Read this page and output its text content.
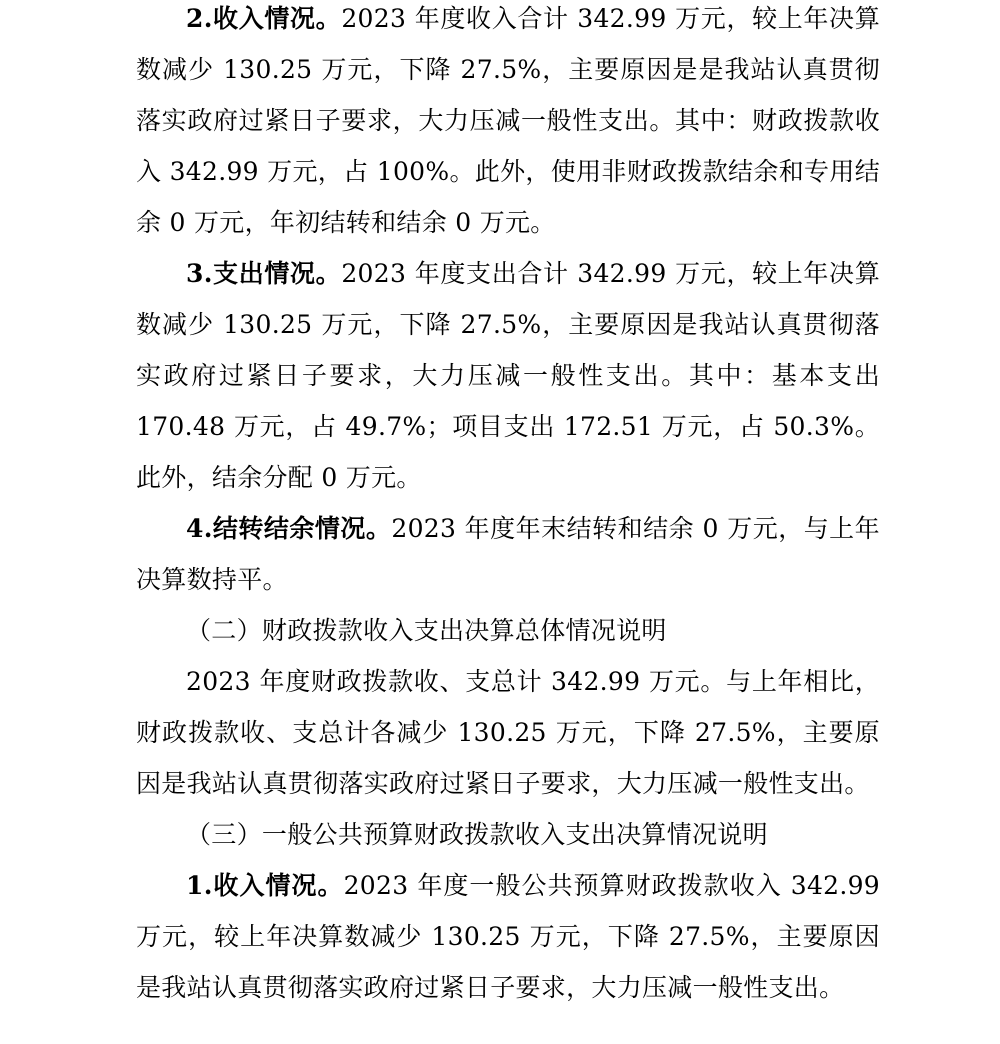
2.收入情况。2023 年度收入合计 342.99 万元，较上年决算数减少 130.25 万元，下降 27.5%，主要原因是是我站认真贯彻落实政府过紧日子要求，大力压减一般性支出。其中：财政拨款收入 342.99 万元，占 100%。此外，使用非财政拨款结余和专用结余 0 万元，年初结转和结余 0 万元。

3.支出情况。2023 年度支出合计 342.99 万元，较上年决算数减少 130.25 万元，下降 27.5%，主要原因是我站认真贯彻落实政府过紧日子要求，大力压减一般性支出。其中：基本支出 170.48 万元，占 49.7%；项目支出 172.51 万元，占 50.3%。此外，结余分配 0 万元。

4.结转结余情况。2023 年度年末结转和结余 0 万元，与上年决算数持平。

（二）财政拨款收入支出决算总体情况说明

2023 年度财政拨款收、支总计 342.99 万元。与上年相比，财政拨款收、支总计各减少 130.25 万元，下降 27.5%，主要原因是我站认真贯彻落实政府过紧日子要求，大力压减一般性支出。

（三）一般公共预算财政拨款收入支出决算情况说明

1.收入情况。2023 年度一般公共预算财政拨款收入 342.99 万元，较上年决算数减少 130.25 万元，下降 27.5%，主要原因是我站认真贯彻落实政府过紧日子要求，大力压减一般性支出。
